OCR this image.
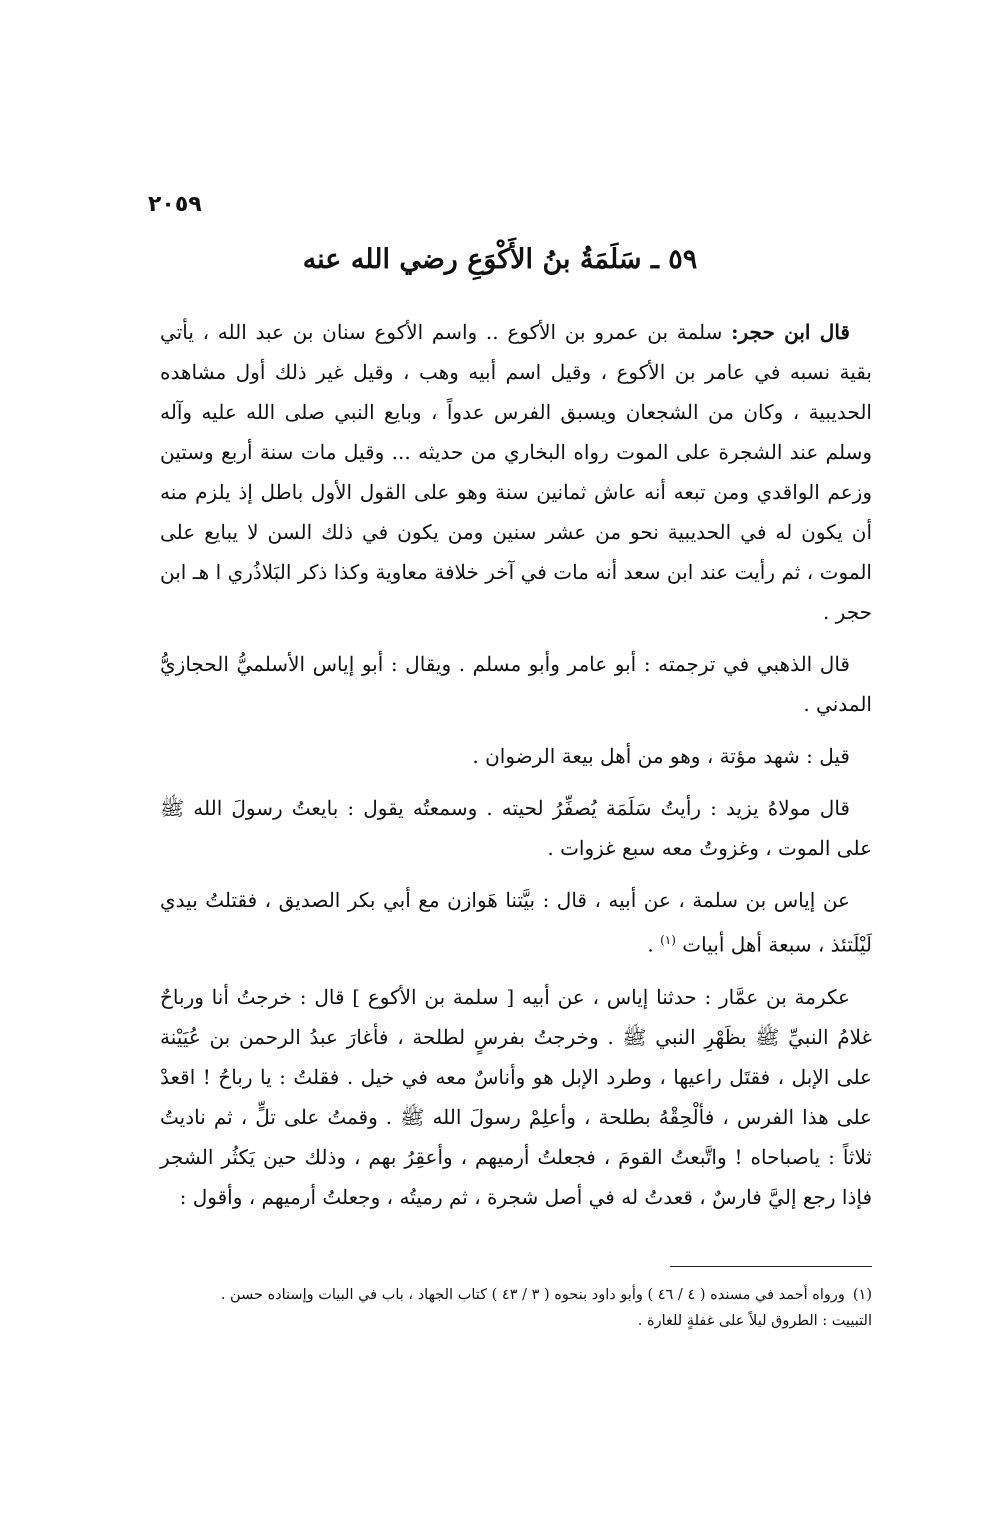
٢٠٥٩
٥٩ ـ سَلَمَةُ بنُ الأَكْوَعِ رضي الله عنه

قال ابن حجر: سلمة بن عمرو بن الأكوع .. واسم الأكوع سنان بن عبد الله ، يأتي بقية نسبه في عامر بن الأكوع ، وقيل اسم أبيه وهب ، وقيل غير ذلك أول مشاهده الحديبية ، وكان من الشجعان ويسبق الفرس عدواً ، وبايع النبي صلى الله عليه وآله وسلم عند الشجرة على الموت رواه البخاري من حديثه ... وقيل مات سنة أربع وستين وزعم الواقدي ومن تبعه أنه عاش ثمانين سنة وهو على القول الأول باطل إذ يلزم منه أن يكون له في الحديبية نحو من عشر سنين ومن يكون في ذلك السن لا يبايع على الموت ، ثم رأيت عند ابن سعد أنه مات في آخر خلافة معاوية وكذا ذكر البَلاذُري ا هـ ابن حجر .

قال الذهبي في ترجمته : أبو عامر وأبو مسلم . ويقال : أبو إياس الأسلميُّ الحجازيُّ المدني .

قيل : شهد مؤتة ، وهو من أهل بيعة الرضوان .

قال مولاهُ يزيد : رأيتُ سَلَمَة يُصفِّرُ لحيته . وسمعتُه يقول : بايعتُ رسولَ الله ﷺ على الموت ، وغزوتُ معه سبع غزوات .

عن إياس بن سلمة ، عن أبيه ، قال : بيَّتنا هَوازن مع أبي بكر الصديق ، فقتلتُ بيدي لَيْلَتئذ ، سبعة أهل أبيات $^{(١)}$ .

عكرمة بن عمَّار : حدثنا إياس ، عن أبيه [ سلمة بن الأكوع ] قال : خرجتُ أنا ورباحٌ غلامُ النبيِّ ﷺ بظَهْرِ النبي ﷺ . وخرجتُ بفرسٍ لطلحة ، فأغارَ عبدُ الرحمن بن عُيَيْنة على الإبل ، فقتَل راعيها ، وطرد الإبل هو وأناسٌ معه في خيل . فقلتُ : يا رباحُ ! اقعدْ على هذا الفرس ، فألْحِقْهُ بطلحة ، وأعلِمْ رسولَ الله ﷺ . وقمتُ على تلٍّ ، ثم ناديتُ ثلاثاً : ياصباحاه ! واتَّبعتُ القومَ ، فجعلتُ أرميهم ، وأعقِرُ بهم ، وذلك حين يَكثُر الشجر فإذا رجع إليَّ فارسٌ ، قعدتُ له في أصل شجرة ، ثم رميتُه ، وجعلتُ أرميهم ، وأقول :

(١)ورواه أحمد في مسنده ( ٤ / ٤٦ ) وأبو داود بنحوه ( ٣ / ٤٣ ) كتاب الجهاد ، باب في البيات وإسناده حسن .
التبييت : الطروق ليلاً على غفلةٍ للغارة .
